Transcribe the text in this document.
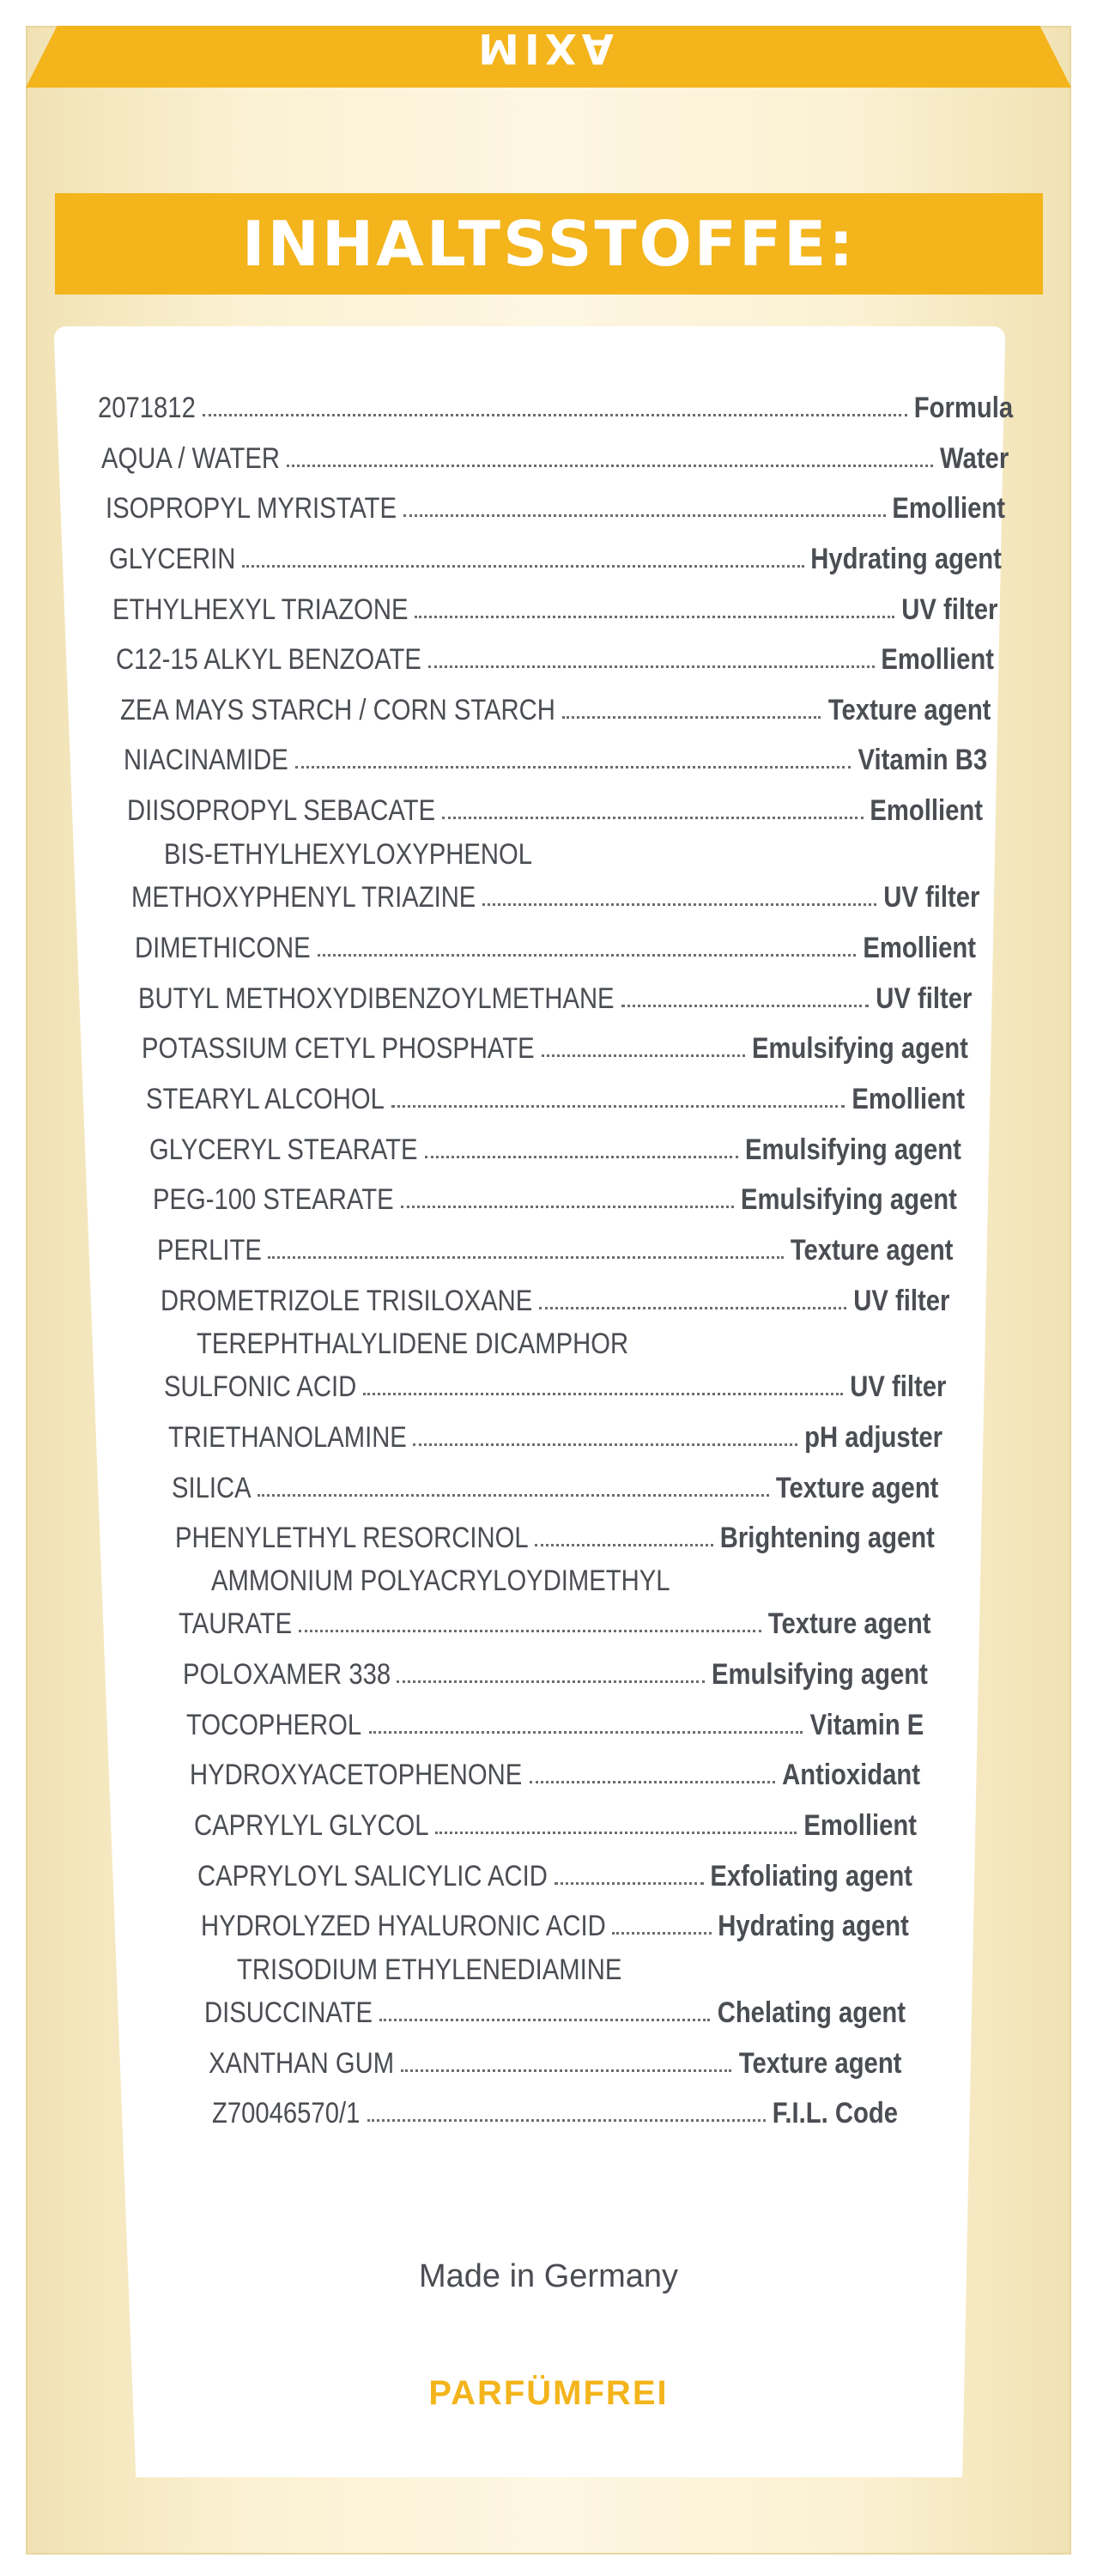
MIXA
LABORATOIRE EXPERT
INHALTSSTOFFE:
2071812	Formula
AQUA / WATER	Water
ISOPROPYL MYRISTATE	Emollient
GLYCERIN	Hydrating agent
ETHYLHEXYL TRIAZONE	UV filter
C12-15 ALKYL BENZOATE	Emollient
ZEA MAYS STARCH / CORN STARCH	Texture agent
NIACINAMIDE	Vitamin B3
DIISOPROPYL SEBACATE	Emollient
BIS-ETHYLHEXYLOXYPHENOL
METHOXYPHENYL TRIAZINE	UV filter
DIMETHICONE	Emollient
BUTYL METHOXYDIBENZOYLMETHANE	UV filter
POTASSIUM CETYL PHOSPHATE	Emulsifying agent
STEARYL ALCOHOL	Emollient
GLYCERYL STEARATE	Emulsifying agent
PEG-100 STEARATE	Emulsifying agent
PERLITE	Texture agent
DROMETRIZOLE TRISILOXANE	UV filter
TEREPHTHALYLIDENE DICAMPHOR
SULFONIC ACID	UV filter
TRIETHANOLAMINE	pH adjuster
SILICA	Texture agent
PHENYLETHYL RESORCINOL	Brightening agent
AMMONIUM POLYACRYLOYDIMETHYL
TAURATE	Texture agent
POLOXAMER 338	Emulsifying agent
TOCOPHEROL	Vitamin E
HYDROXYACETOPHENONE	Antioxidant
CAPRYLYL GLYCOL	Emollient
CAPRYLOYL SALICYLIC ACID	Exfoliating agent
HYDROLYZED HYALURONIC ACID	Hydrating agent
TRISODIUM ETHYLENEDIAMINE
DISUCCINATE	Chelating agent
XANTHAN GUM	Texture agent
Z70046570/1	F.I.L. Code
Made in Germany
PARFÜMFREI
